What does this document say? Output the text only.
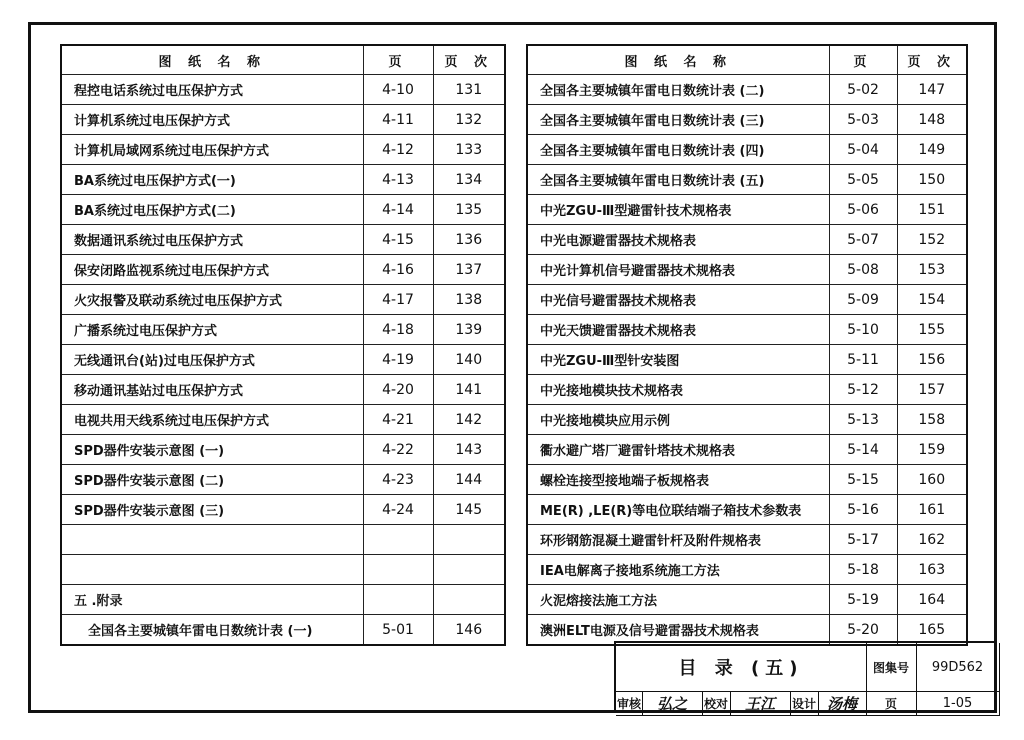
图 纸 名 称	页	页 次
程控电话系统过电压保护方式	4-10	131
计算机系统过电压保护方式	4-11	132
计算机局域网系统过电压保护方式	4-12	133
BA系统过电压保护方式(一)	4-13	134
BA系统过电压保护方式(二)	4-14	135
数据通讯系统过电压保护方式	4-15	136
保安闭路监视系统过电压保护方式	4-16	137
火灾报警及联动系统过电压保护方式	4-17	138
广播系统过电压保护方式	4-18	139
无线通讯台(站)过电压保护方式	4-19	140
移动通讯基站过电压保护方式	4-20	141
电视共用天线系统过电压保护方式	4-21	142
SPD器件安装示意图 (一)	4-22	143
SPD器件安装示意图 (二)	4-23	144
SPD器件安装示意图 (三)	4-24	145

五 .附录		
全国各主要城镇年雷电日数统计表 (一)	5-01	146
图 纸 名 称	页	页 次
全国各主要城镇年雷电日数统计表 (二)	5-02	147
全国各主要城镇年雷电日数统计表 (三)	5-03	148
全国各主要城镇年雷电日数统计表 (四)	5-04	149
全国各主要城镇年雷电日数统计表 (五)	5-05	150
中光ZGU-Ⅲ型避雷针技术规格表	5-06	151
中光电源避雷器技术规格表	5-07	152
中光计算机信号避雷器技术规格表	5-08	153
中光信号避雷器技术规格表	5-09	154
中光天馈避雷器技术规格表	5-10	155
中光ZGU-Ⅲ型针安装图	5-11	156
中光接地模块技术规格表	5-12	157
中光接地模块应用示例	5-13	158
衢水避广塔厂避雷针塔技术规格表	5-14	159
螺栓连接型接地端子板规格表	5-15	160
ME(R) ,LE(R)等电位联结端子箱技术参数表	5-16	161
环形钢筋混凝土避雷针杆及附件规格表	5-17	162
IEA电解离子接地系统施工方法	5-18	163
火泥熔接法施工方法	5-19	164
澳洲ELT电源及信号避雷器技术规格表	5-20	165
目 录 (五)	图集号	99D562
审核	弘之	校对	王江	设计 汤梅	页	1-05
